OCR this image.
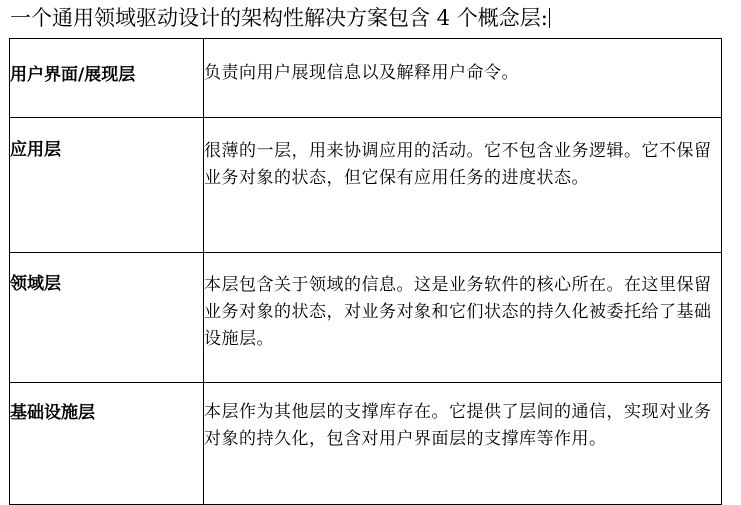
一个通用领域驱动设计的架构性解决方案包含 4 个概念层:
用户界面/展现层	负责向用户展现信息以及解释用户命令。

应用层	很薄的一层，用来协调应用的活动。它不包含业务逻辑。它不保留业务对象的状态，但它保有应用任务的进度状态。

领域层	本层包含关于领域的信息。这是业务软件的核心所在。在这里保留业务对象的状态，对业务对象和它们状态的持久化被委托给了基础设施层。

基础设施层	本层作为其他层的支撑库存在。它提供了层间的通信，实现对业务对象的持久化，包含对用户界面层的支撑库等作用。
